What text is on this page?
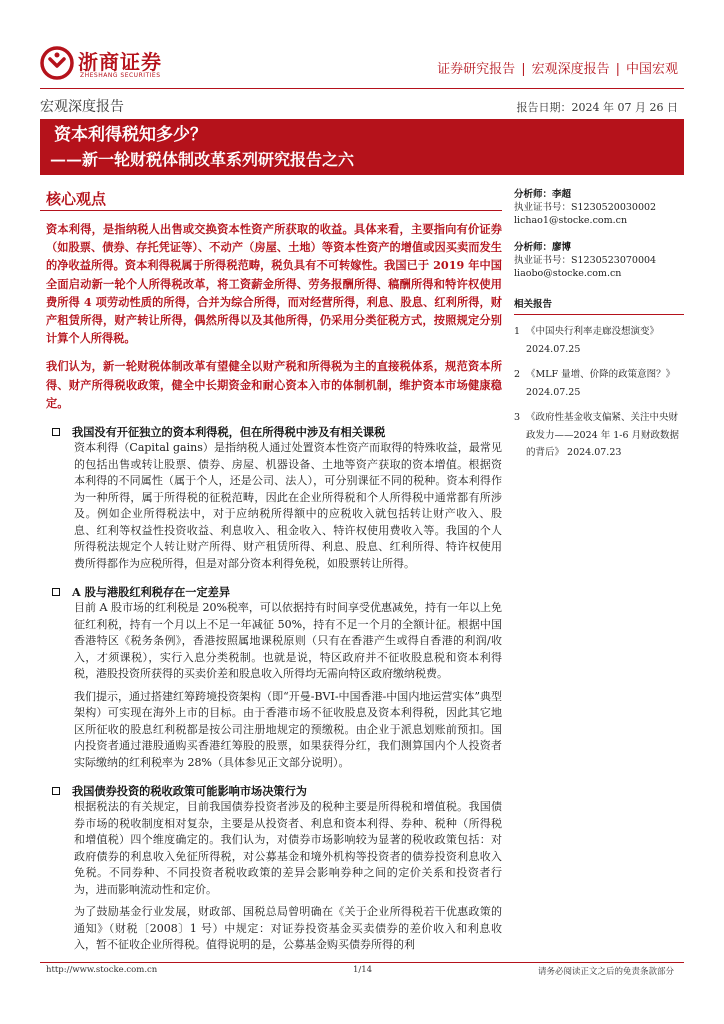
浙商证券
ZHESHANG SECURITIES	证券研究报告 | 宏观深度报告 | 中国宏观
宏观深度报告	报告日期：2024 年 07 月 26 日
资本利得税知多少？
——新一轮财税体制改革系列研究报告之六
核心观点

资本利得，是指纳税人出售或交换资本性资产所获取的收益。具体来看，主要指向有价证券（如股票、债券、存托凭证等）、不动产（房屋、土地）等资本性资产的增值或因买卖而发生的净收益所得。资本利得税属于所得税范畴，税负具有不可转嫁性。我国已于 2019 年中国全面启动新一轮个人所得税改革，将工资薪金所得、劳务报酬所得、稿酬所得和特许权使用费所得 4 项劳动性质的所得，合并为综合所得，而对经营所得，利息、股息、红利所得，财产租赁所得，财产转让所得，偶然所得以及其他所得，仍采用分类征税方式，按照规定分别计算个人所得税。

我们认为，新一轮财税体制改革有望健全以财产税和所得税为主的直接税体系，规范资本所得、财产所得税收政策，健全中长期资金和耐心资本入市的体制机制，维护资本市场健康稳定。

我国没有开征独立的资本利得税，但在所得税中涉及有相关课税

资本利得（Capital gains）是指纳税人通过处置资本性资产而取得的特殊收益，最常见的包括出售或转让股票、债券、房屋、机器设备、土地等资产获取的资本增值。根据资本利得的不同属性（属于个人，还是公司、法人），可分别课征不同的税种。资本利得作为一种所得，属于所得税的征税范畴，因此在企业所得税和个人所得税中通常都有所涉及。例如企业所得税法中，对于应纳税所得额中的应税收入就包括转让财产收入、股息、红利等权益性投资收益、利息收入、租金收入、特许权使用费收入等。我国的个人所得税法规定个人转让财产所得、财产租赁所得、利息、股息、红利所得、特许权使用费所得都作为应税所得，但是对部分资本利得免税，如股票转让所得。

A 股与港股红利税存在一定差异

目前 A 股市场的红利税是 20%税率，可以依据持有时间享受优惠减免，持有一年以上免征红利税，持有一个月以上不足一年减征 50%，持有不足一个月的全额计征。根据中国香港特区《税务条例》，香港按照属地课税原则（只有在香港产生或得自香港的利润/收入，才须课税），实行入息分类税制。也就是说，特区政府并不征收股息税和资本利得税，港股投资所获得的买卖价差和股息收入所得均无需向特区政府缴纳税费。

我们提示，通过搭建红筹跨境投资架构（即“开曼-BVI-中国香港-中国内地运营实体”典型架构）可实现在海外上市的目标。由于香港市场不征收股息及资本利得税，因此其它地区所征收的股息红利税都是按公司注册地规定的预缴税。由企业于派息划账前预扣。国内投资者通过港股通购买香港红筹股的股票，如果获得分红，我们测算国内个人投资者实际缴纳的红利税率为 28%（具体参见正文部分说明）。

我国债券投资的税收政策可能影响市场决策行为

根据税法的有关规定，目前我国债券投资者涉及的税种主要是所得税和增值税。我国债券市场的税收制度相对复杂，主要是从投资者、利息和资本利得、券种、税种（所得税和增值税）四个维度确定的。我们认为，对债券市场影响较为显著的税收政策包括：对政府债券的利息收入免征所得税，对公募基金和境外机构等投资者的债券投资利息收入免税。不同券种、不同投资者税收政策的差异会影响券种之间的定价关系和投资者行为，进而影响流动性和定价。

为了鼓励基金行业发展，财政部、国税总局曾明确在《关于企业所得税若干优惠政策的通知》（财税〔2008〕1 号）中规定：对证券投资基金买卖债券的差价收入和利息收入，暂不征收企业所得税。值得说明的是，公募基金购买债券所得的利

分析师：李超
执业证书号：S1230520030002
lichao1@stocke.com.cn
分析师：廖博
执业证书号：S1230523070004
liaobo@stocke.com.cn
相关报告
1 《中国央行利率走廊没想演变》 2024.07.25
2 《MLF 量增、价降的政策意图？》 2024.07.25
3 《政府性基金收支偏紧、关注中央财政发力——2024 年 1-6 月财政数据的背后》 2024.07.23
http://www.stocke.com.cn	1/14	请务必阅读正文之后的免责条款部分
